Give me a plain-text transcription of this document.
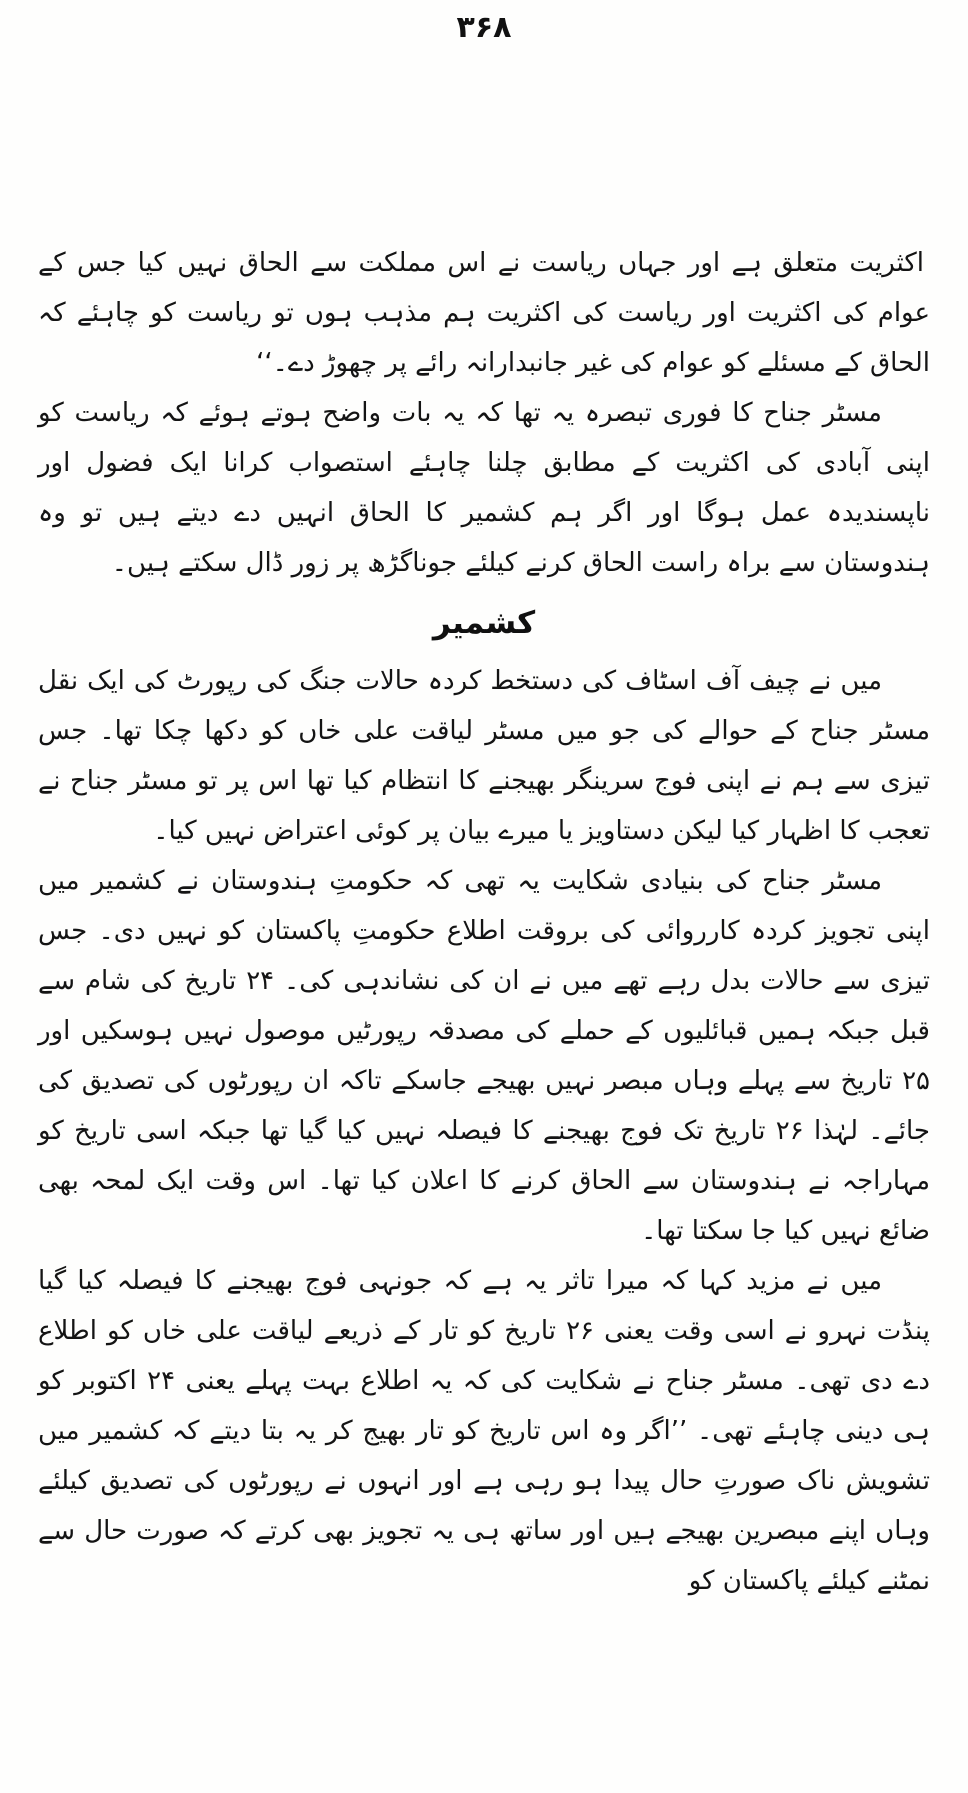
۳۶۸

اکثریت متعلق ہے اور جہاں ریاست نے اس مملکت سے الحاق نہیں کیا جس کے عوام کی اکثریت اور ریاست کی اکثریت ہم مذہب ہوں تو ریاست کو چاہئے کہ الحاق کے مسئلے کو عوام کی غیر جانبدارانہ رائے پر چھوڑ دے۔‘‘

مسٹر جناح کا فوری تبصرہ یہ تھا کہ یہ بات واضح ہوتے ہوئے کہ ریاست کو اپنی آبادی کی اکثریت کے مطابق چلنا چاہئے استصواب کرانا ایک فضول اور ناپسندیدہ عمل ہوگا اور اگر ہم کشمیر کا الحاق انہیں دے دیتے ہیں تو وہ ہندوستان سے براہ راست الحاق کرنے کیلئے جوناگڑھ پر زور ڈال سکتے ہیں۔

کشمیر

میں نے چیف آف اسٹاف کی دستخط کردہ حالات جنگ کی رپورٹ کی ایک نقل مسٹر جناح کے حوالے کی جو میں مسٹر لیاقت علی خاں کو دکھا چکا تھا۔ جس تیزی سے ہم نے اپنی فوج سرینگر بھیجنے کا انتظام کیا تھا اس پر تو مسٹر جناح نے تعجب کا اظہار کیا لیکن دستاویز یا میرے بیان پر کوئی اعتراض نہیں کیا۔

مسٹر جناح کی بنیادی شکایت یہ تھی کہ حکومتِ ہندوستان نے کشمیر میں اپنی تجویز کردہ کارروائی کی بروقت اطلاع حکومتِ پاکستان کو نہیں دی۔ جس تیزی سے حالات بدل رہے تھے میں نے ان کی نشاندہی کی۔ ۲۴ تاریخ کی شام سے قبل جبکہ ہمیں قبائلیوں کے حملے کی مصدقہ رپورٹیں موصول نہیں ہوسکیں اور ۲۵ تاریخ سے پہلے وہاں مبصر نہیں بھیجے جاسکے تاکہ ان رپورٹوں کی تصدیق کی جائے۔ لہٰذا ۲۶ تاریخ تک فوج بھیجنے کا فیصلہ نہیں کیا گیا تھا جبکہ اسی تاریخ کو مہاراجہ نے ہندوستان سے الحاق کرنے کا اعلان کیا تھا۔ اس وقت ایک لمحہ بھی ضائع نہیں کیا جا سکتا تھا۔

میں نے مزید کہا کہ میرا تاثر یہ ہے کہ جونہی فوج بھیجنے کا فیصلہ کیا گیا پنڈت نہرو نے اسی وقت یعنی ۲۶ تاریخ کو تار کے ذریعے لیاقت علی خاں کو اطلاع دے دی تھی۔ مسٹر جناح نے شکایت کی کہ یہ اطلاع بہت پہلے یعنی ۲۴ اکتوبر کو ہی دینی چاہئے تھی۔ ’’اگر وہ اس تاریخ کو تار بھیج کر یہ بتا دیتے کہ کشمیر میں تشویش ناک صورتِ حال پیدا ہو رہی ہے اور انہوں نے رپورٹوں کی تصدیق کیلئے وہاں اپنے مبصرین بھیجے ہیں اور ساتھ ہی یہ تجویز بھی کرتے کہ صورت حال سے نمٹنے کیلئے پاکستان کو
